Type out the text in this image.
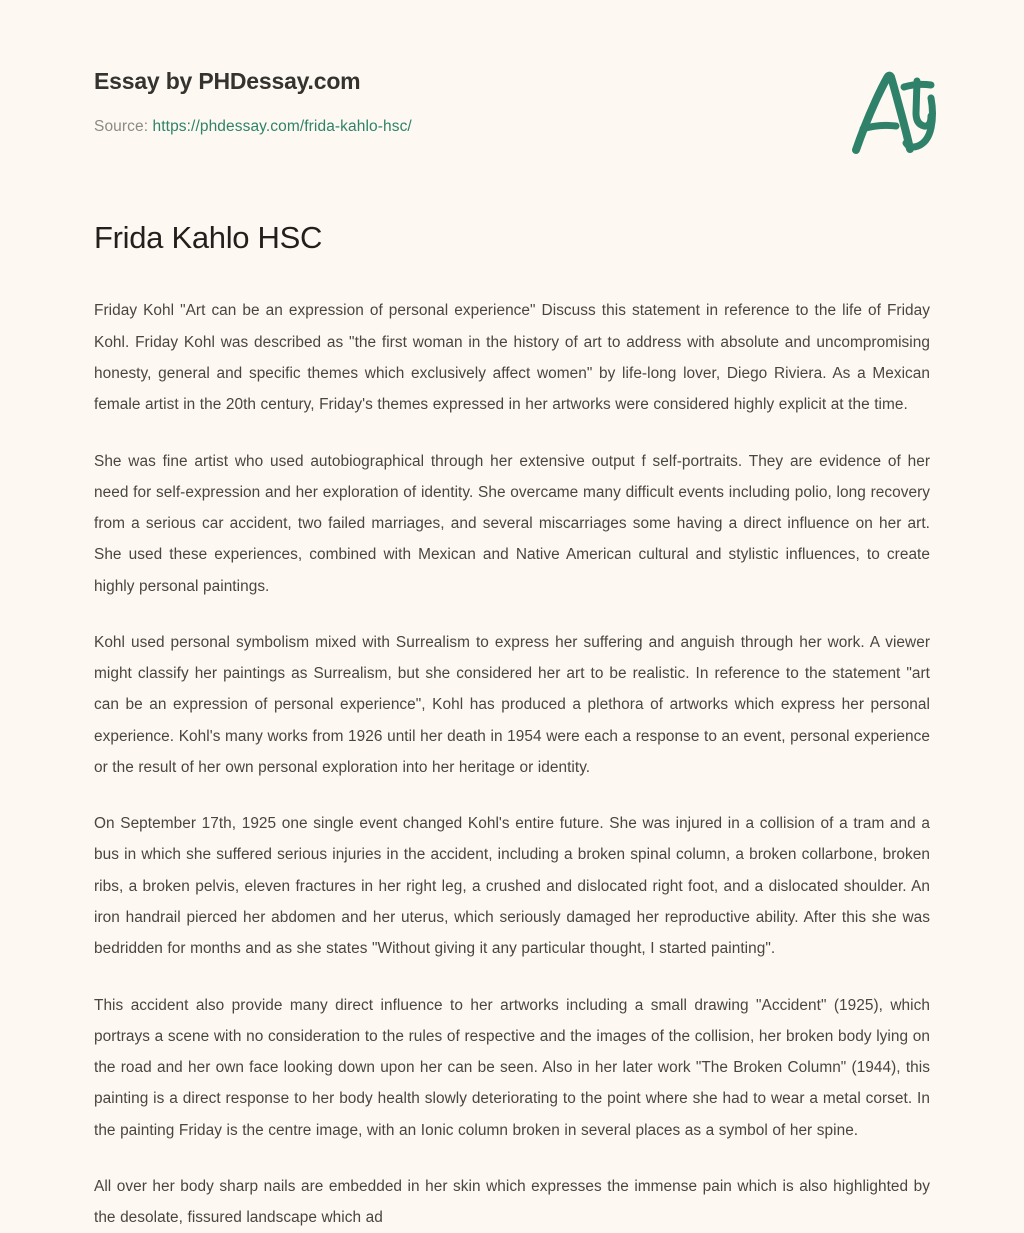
Essay by PHDessay.com
Source: https://phdessay.com/frida-kahlo-hsc/
Frida Kahlo HSC

Friday Kohl "Art can be an expression of personal experience" Discuss this statement in reference to the life of Friday Kohl. Friday Kohl was described as "the first woman in the history of art to address with absolute and uncompromising honesty, general and specific themes which exclusively affect women" by life-long lover, Diego Riviera. As a Mexican female artist in the 20th century, Friday's themes expressed in her artworks were considered highly explicit at the time.

She was fine artist who used autobiographical through her extensive output f self-portraits. They are evidence of her need for self-expression and her exploration of identity. She overcame many difficult events including polio, long recovery from a serious car accident, two failed marriages, and several miscarriages some having a direct influence on her art. She used these experiences, combined with Mexican and Native American cultural and stylistic influences, to create highly personal paintings.

Kohl used personal symbolism mixed with Surrealism to express her suffering and anguish through her work. A viewer might classify her paintings as Surrealism, but she considered her art to be realistic. In reference to the statement "art can be an expression of personal experience", Kohl has produced a plethora of artworks which express her personal experience. Kohl's many works from 1926 until her death in 1954 were each a response to an event, personal experience or the result of her own personal exploration into her heritage or identity.

On September 17th, 1925 one single event changed Kohl's entire future. She was injured in a collision of a tram and a bus in which she suffered serious injuries in the accident, including a broken spinal column, a broken collarbone, broken ribs, a broken pelvis, eleven fractures in her right leg, a crushed and dislocated right foot, and a dislocated shoulder. An iron handrail pierced her abdomen and her uterus, which seriously damaged her reproductive ability. After this she was bedridden for months and as she states "Without giving it any particular thought, I started painting".

This accident also provide many direct influence to her artworks including a small drawing "Accident" (1925), which portrays a scene with no consideration to the rules of respective and the images of the collision, her broken body lying on the road and her own face looking down upon her can be seen. Also in her later work "The Broken Column" (1944), this painting is a direct response to her body health slowly deteriorating to the point where she had to wear a metal corset. In the painting Friday is the centre image, with an Ionic column broken in several places as a symbol of her spine.

All over her body sharp nails are embedded in her skin which expresses the immense pain which is also highlighted by the desolate, fissured landscape which ad
